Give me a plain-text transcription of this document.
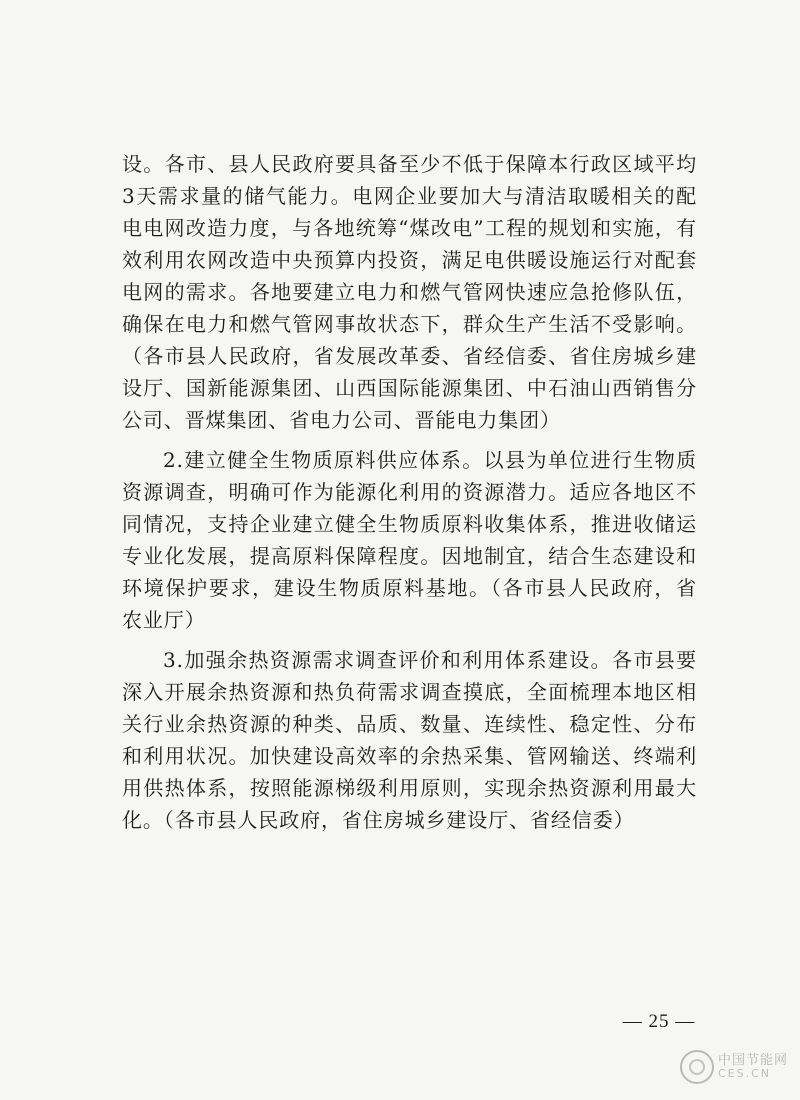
设。各市、县人民政府要具备至少不低于保障本行政区域平均3天需求量的储气能力。电网企业要加大与清洁取暖相关的配电电网改造力度，与各地统筹“煤改电”工程的规划和实施，有效利用农网改造中央预算内投资，满足电供暖设施运行对配套电网的需求。各地要建立电力和燃气管网快速应急抢修队伍，确保在电力和燃气管网事故状态下，群众生产生活不受影响。（各市县人民政府，省发展改革委、省经信委、省住房城乡建设厅、国新能源集团、山西国际能源集团、中石油山西销售分公司、晋煤集团、省电力公司、晋能电力集团）

2.建立健全生物质原料供应体系。以县为单位进行生物质资源调查，明确可作为能源化利用的资源潜力。适应各地区不同情况，支持企业建立健全生物质原料收集体系，推进收储运专业化发展，提高原料保障程度。因地制宜，结合生态建设和环境保护要求，建设生物质原料基地。（各市县人民政府，省农业厅）

3.加强余热资源需求调查评价和利用体系建设。各市县要深入开展余热资源和热负荷需求调查摸底，全面梳理本地区相关行业余热资源的种类、品质、数量、连续性、稳定性、分布和利用状况。加快建设高效率的余热采集、管网输送、终端利用供热体系，按照能源梯级利用原则，实现余热资源利用最大化。（各市县人民政府，省住房城乡建设厅、省经信委）

— 25 —
中国节能网
CES.CN
